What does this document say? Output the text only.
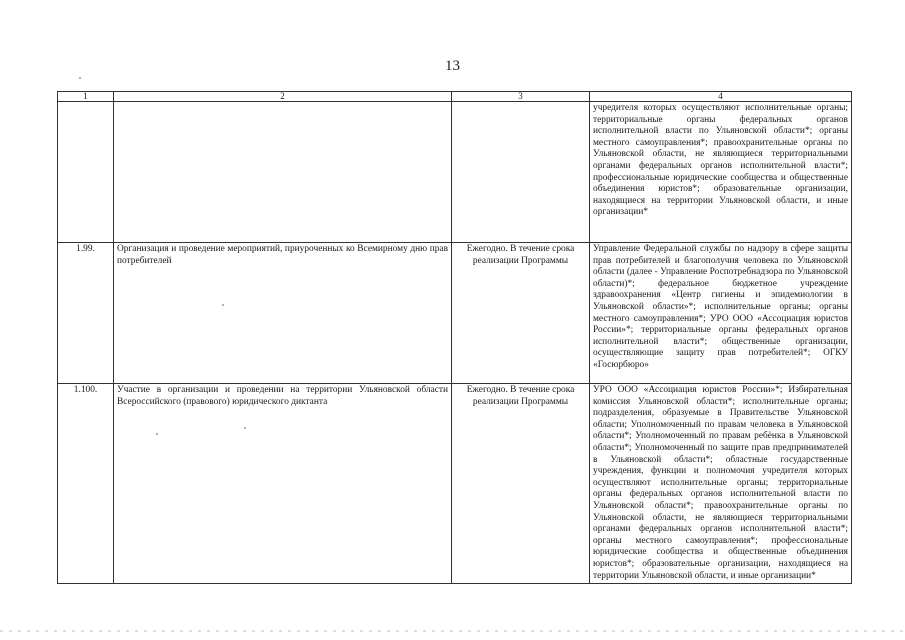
13
1	2	3	4
			учредителя которых осуществляют исполнительные органы; территориальные органы федеральных органов исполнительной власти по Ульяновской области*; органы местного самоуправления*; правоохранительные органы по Ульяновской области, не являющиеся территориальными органами федеральных органов исполнительной власти*; профессиональные юридические сообщества и общественные объединения юристов*; образовательные организации, находящиеся на территории Ульяновской области, и иные организации*
1.99.	Организация и проведение мероприятий, приуроченных ко Всемирному дню прав потребителей	Ежегодно. В течение срока реализации Программы	Управление Федеральной службы по надзору в сфере защиты прав потребителей и благополучия человека по Ульяновской области (далее - Управление Роспотребнадзора по Ульяновской области)*; федеральное бюджетное учреждение здравоохранения «Центр гигиены и эпидемиологии в Ульяновской области»*; исполнительные органы; органы местного самоуправления*; УРО ООО «Ассоциация юристов России»*; территориальные органы федеральных органов исполнительной власти*; общественные организации, осуществляющие защиту прав потребителей*; ОГКУ «Госюрбюро»
1.100.	Участие в организации и проведении на территории Ульяновской области Всероссийского (правового) юридического диктанта	Ежегодно. В течение срока реализации Программы	УРО ООО «Ассоциация юристов России»*; Избирательная комиссия Ульяновской области*; исполнительные органы; подразделения, образуемые в Правительстве Ульяновской области; Уполномоченный по правам человека в Ульяновской области*; Уполномоченный по правам ребёнка в Ульяновской области*; Уполномоченный по защите прав предпринимателей в Ульяновской области*; областные государственные учреждения, функции и полномочия учредителя которых осуществляют исполнительные органы; территориальные органы федеральных органов исполнительной власти по Ульяновской области*; правоохранительные органы по Ульяновской области, не являющиеся территориальными органами федеральных органов исполнительной власти*; органы местного самоуправления*; профессиональные юридические сообщества и общественные объединения юристов*; образовательные организации, находящиеся на территории Ульяновской области, и иные организации*
